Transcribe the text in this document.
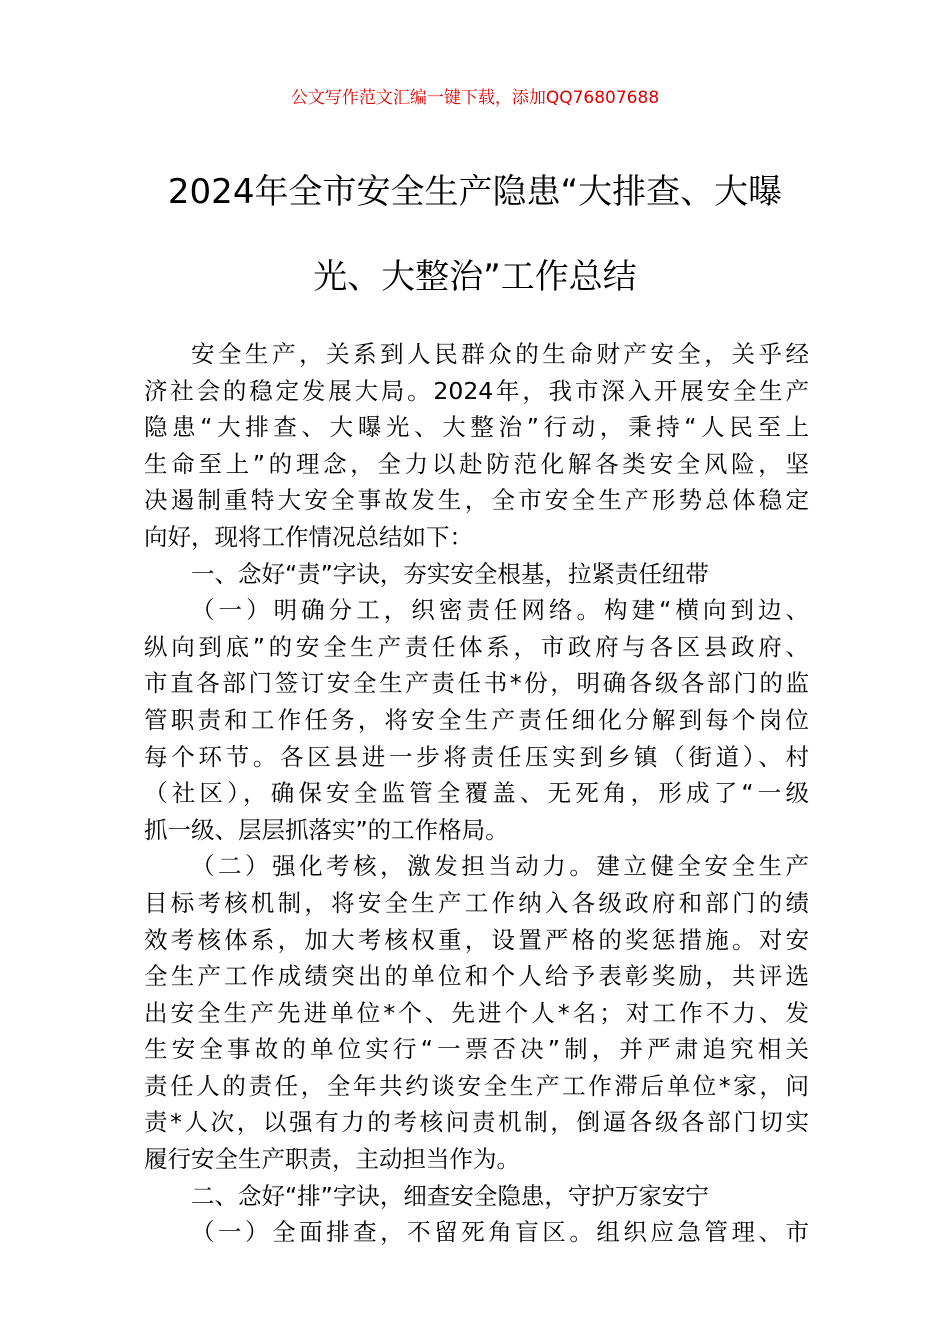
公文写作范文汇编一键下载，添加QQ76807688
2024年全市安全生产隐患“大排查、大曝
光、大整治”工作总结
安全生产，关系到人民群众的生命财产安全，关乎经
济社会的稳定发展大局。2024年，我市深入开展安全生产
隐患“大排查、大曝光、大整治”行动，秉持“人民至上
生命至上”的理念，全力以赴防范化解各类安全风险，坚
决遏制重特大安全事故发生，全市安全生产形势总体稳定
向好，现将工作情况总结如下：
一、念好“责”字诀，夯实安全根基，拉紧责任纽带
（一）明确分工，织密责任网络。构建“横向到边、
纵向到底”的安全生产责任体系，市政府与各区县政府、
市直各部门签订安全生产责任书*份，明确各级各部门的监
管职责和工作任务，将安全生产责任细化分解到每个岗位
每个环节。各区县进一步将责任压实到乡镇（街道）、村
（社区），确保安全监管全覆盖、无死角，形成了“一级
抓一级、层层抓落实”的工作格局。
（二）强化考核，激发担当动力。建立健全安全生产
目标考核机制，将安全生产工作纳入各级政府和部门的绩
效考核体系，加大考核权重，设置严格的奖惩措施。对安
全生产工作成绩突出的单位和个人给予表彰奖励，共评选
出安全生产先进单位*个、先进个人*名；对工作不力、发
生安全事故的单位实行“一票否决”制，并严肃追究相关
责任人的责任，全年共约谈安全生产工作滞后单位*家，问
责*人次，以强有力的考核问责机制，倒逼各级各部门切实
履行安全生产职责，主动担当作为。
二、念好“排”字诀，细查安全隐患，守护万家安宁
（一）全面排查，不留死角盲区。组织应急管理、市
